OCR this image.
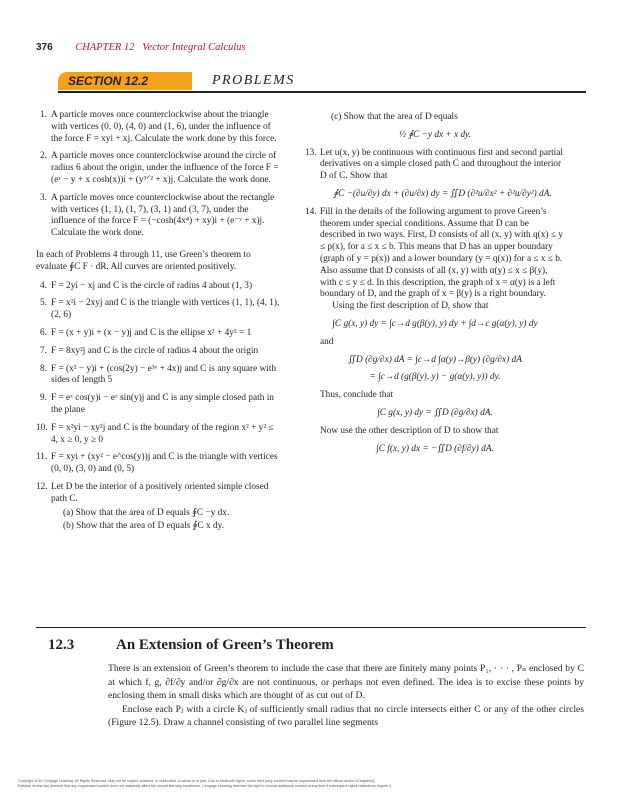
376 CHAPTER 12 Vector Integral Calculus
SECTION 12.2	PROBLEMS
1. A particle moves once counterclockwise about the triangle with vertices (0, 0), (4, 0) and (1, 6), under the influence of the force F = xyi + xj. Calculate the work done by this force.
2. A particle moves once counterclockwise around the circle of radius 6 about the origin, under the influence of the force F = (eˣ − y + x cosh(x))i + (y³ᐟ² + x)j. Calculate the work done.
3. A particle moves once counterclockwise about the rectangle with vertices (1, 1), (1, 7), (3, 1) and (3, 7), under the influence of the force F = (−cosh(4x⁴) + xy)i + (e⁻ʸ + x)j. Calculate the work done.

In each of Problems 4 through 11, use Green’s theorem to evaluate ∮C F · dR. All curves are oriented positively.

4. F = 2yi − xj and C is the circle of radius 4 about (1, 3)
5. F = x²i − 2xyj and C is the triangle with vertices (1, 1), (4, 1), (2, 6)
6. F = (x + y)i + (x − y)j and C is the ellipse x² + 4y² = 1
7. F = 8xy²j and C is the circle of radius 4 about the origin
8. F = (x² − y)i + (cos(2y) − e³ʸ + 4x)j and C is any square with sides of length 5
9. F = eˣ cos(y)i − eˣ sin(y)j and C is any simple closed path in the plane
10. F = x²yi − xy²j and C is the boundary of the region x² + y² ≤ 4, x ≥ 0, y ≥ 0
11. F = xyi + (xy² − e^cos(y))j and C is the triangle with vertices (0, 0), (3, 0) and (0, 5)
12. Let D be the interior of a positively oriented simple closed path C.
(a) Show that the area of D equals ∮C −y dx.
(b) Show that the area of D equals ∮C x dy.
(c) Show that the area of D equals
½ ∮C −y dx + x dy.
13. Let u(x, y) be continuous with continuous first and second partial derivatives on a simple closed path C and throughout the interior D of C. Show that
∮C −(∂u/∂y) dx + (∂u/∂x) dy = ∬D (∂²u/∂x² + ∂²u/∂y²) dA.
14. Fill in the details of the following argument to prove Green’s theorem under special conditions. Assume that D can be described in two ways. First, D consists of all (x, y) with q(x) ≤ y ≤ p(x), for a ≤ x ≤ b. This means that D has an upper boundary (graph of y = p(x)) and a lower boundary (y = q(x)) for a ≤ x ≤ b. Also assume that D consists of all (x, y) with α(y) ≤ x ≤ β(y), with c ≤ y ≤ d. In this description, the graph of x = α(y) is a left boundary of D, and the graph of x = β(y) is a right boundary.
Using the first description of D, show that
∫C g(x, y) dy = ∫c→d g(β(y), y) dy + ∫d→c g(α(y), y) dy
and
∬D (∂g/∂x) dA = ∫c→d ∫α(y)→β(y) (∂g/∂x) dA
= ∫c→d (g(β(y), y) − g(α(y), y)) dy.
Thus, conclude that
∫C g(x, y) dy = ∬D (∂g/∂x) dA.
Now use the other description of D to show that
∫C f(x, y) dx = −∬D (∂f/∂y) dA.
12.3	An Extension of Green’s Theorem

There is an extension of Green’s theorem to include the case that there are finitely many points P₁, · · · , Pₙ enclosed by C at which f, g, ∂f/∂y and/or ∂g/∂x are not continuous, or perhaps not even defined. The idea is to excise these points by enclosing them in small disks which are thought of as cut out of D.

Enclose each Pⱼ with a circle Kⱼ of sufficiently small radius that no circle intersects either C or any of the other circles (Figure 12.5). Draw a channel consisting of two parallel line segments

Copyright 2010 Cengage Learning. All Rights Reserved. May not be copied, scanned, or duplicated, in whole or in part. Due to electronic rights, some third party content may be suppressed from the eBook and/or eChapter(s).
Editorial review has deemed that any suppressed content does not materially affect the overall learning experience. Cengage Learning reserves the right to remove additional content at any time if subsequent rights restrictions require it.
